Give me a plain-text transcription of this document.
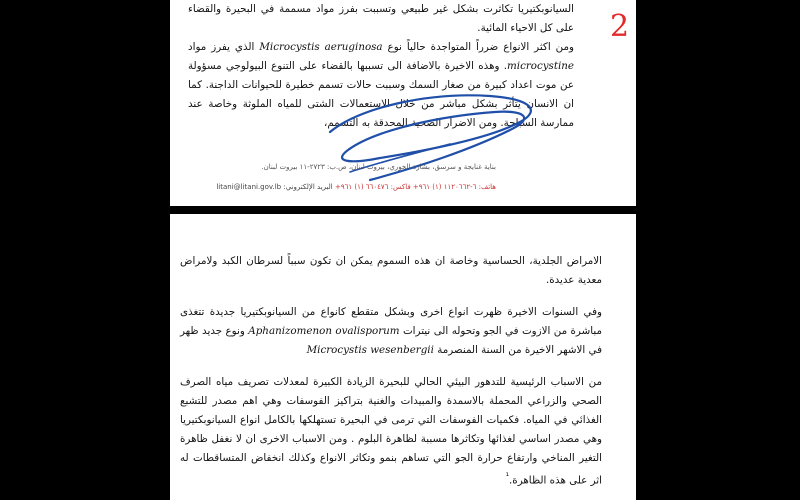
2

السيانوبكتيريا تكاثرت بشكل غير طبيعي وتسببت بفرز مواد مسممة في البحيرة والقضاء على كل الاحياء المائية.

ومن اكثر الانواع ضرراً المتواجدة حالياً نوع Microcystis aeruginosa الذي يفرز مواد microcystine. وهذه الاخيرة بالاضافة الى تسببها بالقضاء على التنوع البيولوجي مسؤولة عن موت اعداد كبيرة من صغار السمك وسببت حالات تسمم خطيرة للحيوانات الداجنة. كما ان الانسان يتأثر بشكل مباشر من خلال الاستعمالات الشتى للمياه الملوثة وخاصة عند ممارسة السباحة. ومن الاضرار الصحية المحدقة به التسمم،

بناية غنايجة و سرسق، بشارة الخوري، بيروت لبنان، ص.ب: ٢٧٢٣-١١ بيروت لبنان.
هاتف: ٦-١١٢٠٦٦٢ (١) ٩٦١+ فاكس: ٦٦٠٤٧٦ (١) ٩٦١+ البريد الإلكتروني: litani@litani.gov.lb

الامراض الجلدية، الحساسية وخاصة ان هذه السموم يمكن ان تكون سبباً لسرطان الكبد ولامراض معدية عديدة.

وفي السنوات الاخيرة ظهرت انواع اخرى وبشكل متقطع كانواع من السيانوبكتيريا جديدة تتغذى مباشرة من الازوت في الجو وتحوله الى نيترات Aphanizomenon ovalisporum ونوع جديد ظهر في الاشهر الاخيرة من السنة المنصرمة Microcystis wesenbergii

من الاسباب الرئيسية للتدهور البيئي الحالي للبحيرة الزيادة الكبيرة لمعدلات تصريف مياه الصرف الصحي والزراعي المحملة بالاسمدة والمبيدات والغنية بتراكيز الفوسفات وهي اهم مصدر للتشبع الغذائي في المياه. فكميات الفوسفات التي ترمى في البحيرة تستهلكها بالكامل انواع السيانوبكتيريا وهي مصدر اساسي لغذائها وتكاثرها مسببة لظاهرة البلوم . ومن الاسباب الاخرى ان لا نغفل ظاهرة التغير المناخي وارتفاع حرارة الجو التي تساهم بنمو وتكاثر الانواع وكذلك انخفاض المتساقطات له اثر على هذه الظاهرة.$^{^1}$
